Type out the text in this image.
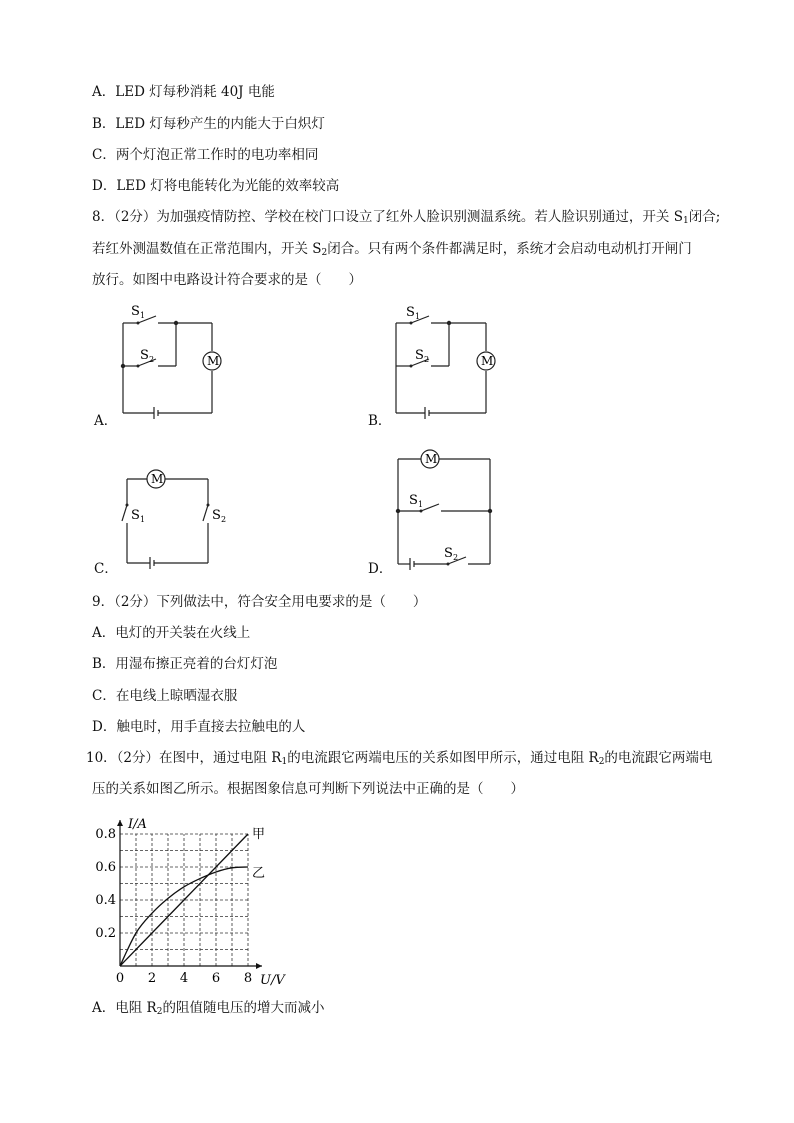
A．LED 灯每秒消耗 40J 电能
B．LED 灯每秒产生的内能大于白炽灯
C．两个灯泡正常工作时的电功率相同
D．LED 灯将电能转化为光能的效率较高
8．（2分）为加强疫情防控、学校在校门口设立了红外人脸识别测温系统。若人脸识别通过，开关 $S_1$闭合;
若红外测温数值在正常范围内，开关 $S_2$闭合。只有两个条件都满足时，系统才会启动电动机打开闸门
放行。如图中电路设计符合要求的是（　　）
M
S 1
S 2
A．
M
S 1
S 2
B．
M
S 1	S 2
C．
M
S 1
S 2
D．
9．（2分）下列做法中，符合安全用电要求的是（　　）
A．电灯的开关装在火线上
B．用湿布擦正亮着的台灯灯泡
C．在电线上晾晒湿衣服
D．触电时，用手直接去拉触电的人
10．（2分）在图中，通过电阻 $R_1$的电流跟它两端电压的关系如图甲所示，通过电阻 $R_2$的电流跟它两端电
压的关系如图乙所示。根据图象信息可判断下列说法中正确的是（　　）
0 2 4 6 8
0.2
0.4
0.6
0.8
U/V
I/A
甲
乙
A．电阻 $R_2$的阻值随电压的增大而减小
